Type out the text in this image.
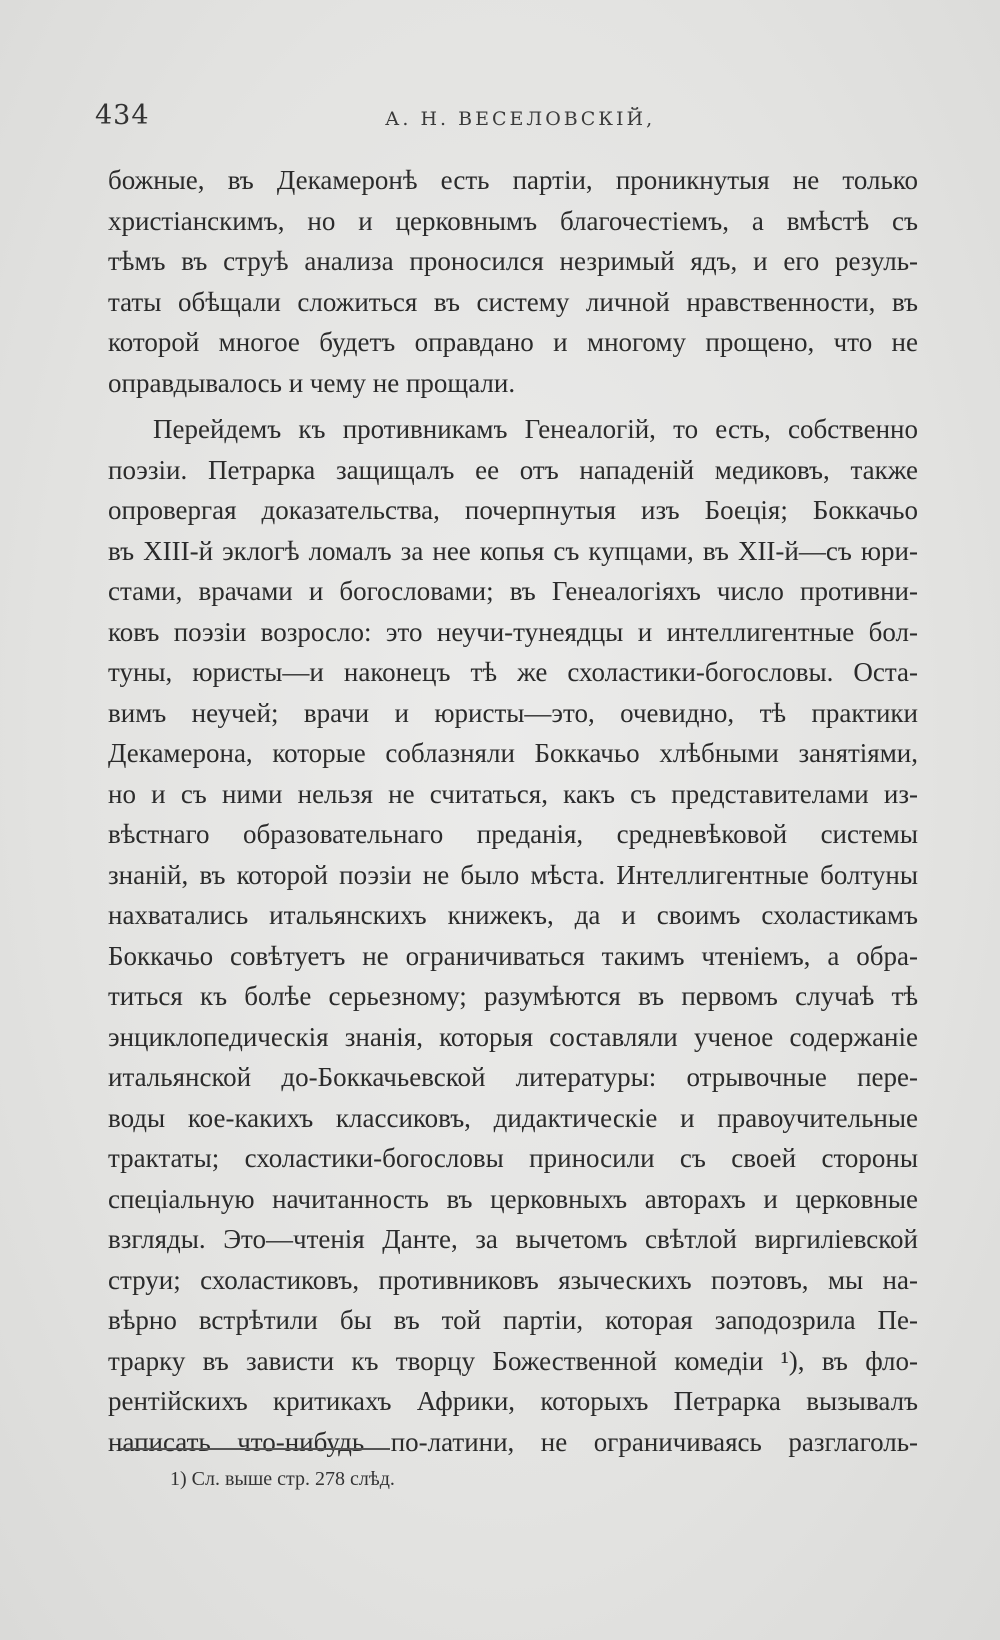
434	А. Н. ВЕСЕЛОВСКІЙ,
божные, въ Декамеронѣ есть партіи, проникнутыя не только
христіанскимъ, но и церковнымъ благочестіемъ, а вмѣстѣ съ
тѣмъ въ струѣ анализа проносился незримый ядъ, и его резуль-
таты обѣщали сложиться въ систему личной нравственности, въ
которой многое будетъ оправдано и многому прощено, что не
оправдывалось и чему не прощали.
Перейдемъ къ противникамъ Генеалогій, то есть, собственно
поэзіи. Петрарка защищалъ ее отъ нападеній медиковъ, также
опровергая доказательства, почерпнутыя изъ Боеція; Боккачьо
въ XIII-й эклогѣ ломалъ за нее копья съ купцами, въ XII-й—съ юри-
стами, врачами и богословами; въ Генеалогіяхъ число противни-
ковъ поэзіи возросло: это неучи-тунеядцы и интеллигентные бол-
туны, юристы—и наконецъ тѣ же схоластики-богословы. Оста-
вимъ неучей; врачи и юристы—это, очевидно, тѣ практики
Декамерона, которые соблазняли Боккачьо хлѣбными занятіями,
но и съ ними нельзя не считаться, какъ съ представителами из-
вѣстнаго образовательнаго преданія, средневѣковой системы
знаній, въ которой поэзіи не было мѣста. Интеллигентные болтуны
нахватались итальянскихъ книжекъ, да и своимъ схоластикамъ
Боккачьо совѣтуетъ не ограничиваться такимъ чтеніемъ, а обра-
титься къ болѣе серьезному; разумѣются въ первомъ случаѣ тѣ
энциклопедическія знанія, которыя составляли ученое содержаніе
итальянской до-Боккачьевской литературы: отрывочные пере-
воды кое-какихъ классиковъ, дидактическіе и правоучительные
трактаты; схоластики-богословы приносили съ своей стороны
спеціальную начитанность въ церковныхъ авторахъ и церковные
взгляды. Это—чтенія Данте, за вычетомъ свѣтлой виргиліевской
струи; схоластиковъ, противниковъ языческихъ поэтовъ, мы на-
вѣрно встрѣтили бы въ той партіи, которая заподозрила Пе-
трарку въ зависти къ творцу Божественной комедіи ¹), въ фло-
рентійскихъ критикахъ Африки, которыхъ Петрарка вызывалъ
написать что-нибудь по-латини, не ограничиваясь разглаголь-
1) Сл. выше стр. 278 слѣд.
